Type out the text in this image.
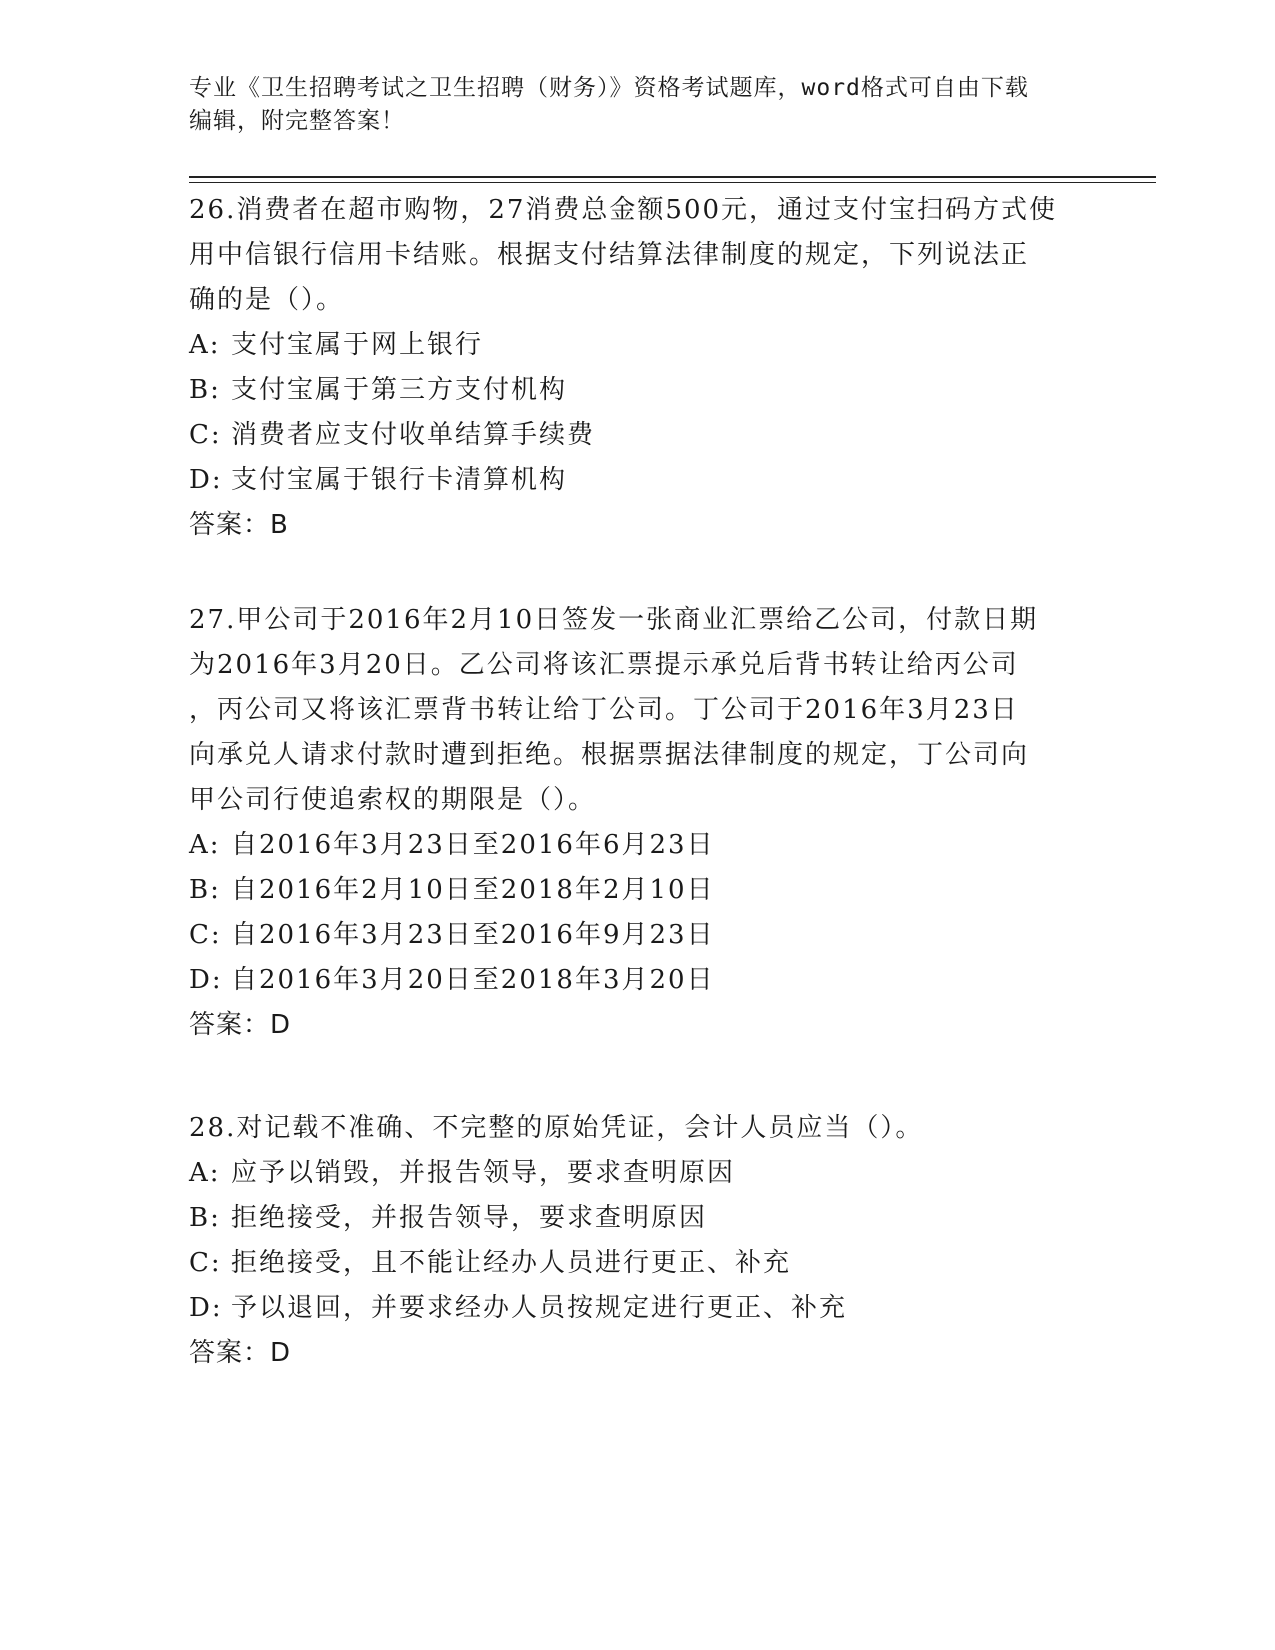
专业《卫生招聘考试之卫生招聘（财务）》资格考试题库，word格式可自由下载
编辑，附完整答案！

26.消费者在超市购物，27消费总金额500元，通过支付宝扫码方式使

用中信银行信用卡结账。根据支付结算法律制度的规定，下列说法正

确的是（）。

A: 支付宝属于网上银行

B: 支付宝属于第三方支付机构

C: 消费者应支付收单结算手续费

D: 支付宝属于银行卡清算机构

答案：B

27.甲公司于2016年2月10日签发一张商业汇票给乙公司，付款日期

为2016年3月20日。乙公司将该汇票提示承兑后背书转让给丙公司

，丙公司又将该汇票背书转让给丁公司。丁公司于2016年3月23日

向承兑人请求付款时遭到拒绝。根据票据法律制度的规定，丁公司向

甲公司行使追索权的期限是（）。

A: 自2016年3月23日至2016年6月23日

B: 自2016年2月10日至2018年2月10日

C: 自2016年3月23日至2016年9月23日

D: 自2016年3月20日至2018年3月20日

答案：D

28.对记载不准确、不完整的原始凭证，会计人员应当（）。

A: 应予以销毁，并报告领导，要求查明原因

B: 拒绝接受，并报告领导，要求查明原因

C: 拒绝接受，且不能让经办人员进行更正、补充

D: 予以退回，并要求经办人员按规定进行更正、补充

答案：D
